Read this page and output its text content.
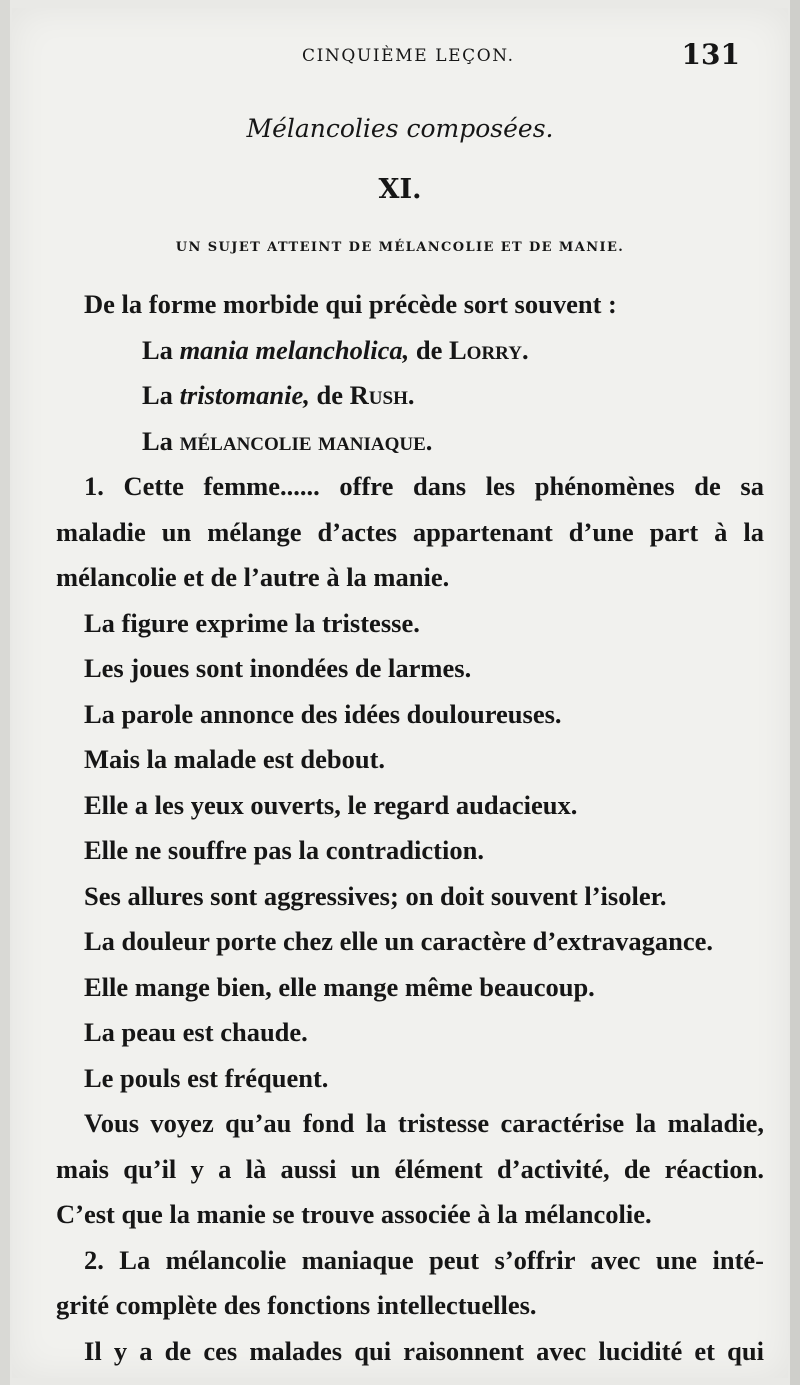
CINQUIÈME LEÇON.	131
Mélancolies composées.
XI.
UN SUJET ATTEINT DE MÉLANCOLIE ET DE MANIE.
De la forme morbide qui précède sort souvent :
La mania melancholica, de Lorry.
La tristomanie, de Rush.
La mélancolie maniaque.
1. Cette femme...... offre dans les phénomènes de sa
maladie un mélange d’actes appartenant d’une part à la
mélancolie et de l’autre à la manie.
La figure exprime la tristesse.
Les joues sont inondées de larmes.
La parole annonce des idées douloureuses.
Mais la malade est debout.
Elle a les yeux ouverts, le regard audacieux.
Elle ne souffre pas la contradiction.
Ses allures sont aggressives; on doit souvent l’isoler.
La douleur porte chez elle un caractère d’extravagance.
Elle mange bien, elle mange même beaucoup.
La peau est chaude.
Le pouls est fréquent.
Vous voyez qu’au fond la tristesse caractérise la maladie,
mais qu’il y a là aussi un élément d’activité, de réaction.
C’est que la manie se trouve associée à la mélancolie.
2. La mélancolie maniaque peut s’offrir avec une inté-
grité complète des fonctions intellectuelles.
Il y a de ces malades qui raisonnent avec lucidité et qui
